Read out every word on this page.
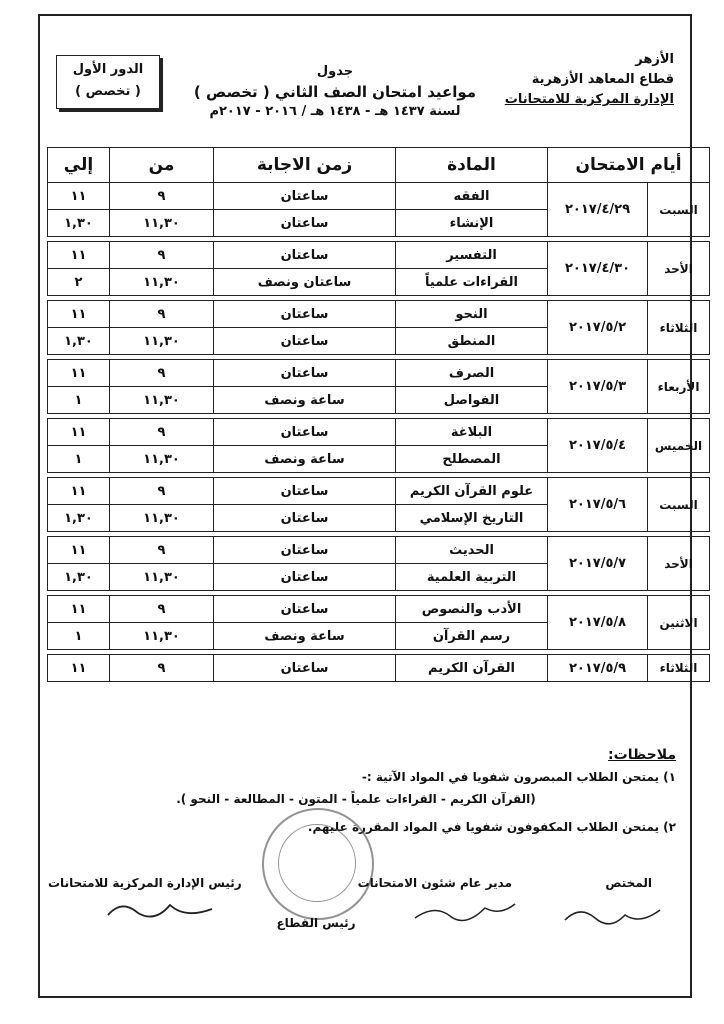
الأزهر
قطاع المعاهد الأزهرية
الإدارة المركزية للامتحانات
جدول
مواعيد امتحان الصف الثاني ( تخصص )
لسنة ١٤٣٧ هـ - ١٤٣٨ هـ / ٢٠١٦ - ٢٠١٧م
الدور الأول
( تخصص )
أيام الامتحان		المادة	زمن الاجابة	من	إلي
السبت	٢٠١٧/٤/٢٩	الفقه	ساعتان	٩	١١
		الإنشاء	ساعتان	١١,٣٠	١,٣٠

الأحد	٢٠١٧/٤/٣٠	التفسير	ساعتان	٩	١١
		القراءات علمياً	ساعتان ونصف	١١,٣٠	٢

الثلاثاء	٢٠١٧/٥/٢	النحو	ساعتان	٩	١١
		المنطق	ساعتان	١١,٣٠	١,٣٠

الأربعاء	٢٠١٧/٥/٣	الصرف	ساعتان	٩	١١
		الفواصل	ساعة ونصف	١١,٣٠	١

الخميس	٢٠١٧/٥/٤	البلاغة	ساعتان	٩	١١
		المصطلح	ساعة ونصف	١١,٣٠	١

السبت	٢٠١٧/٥/٦	علوم القرآن الكريم	ساعتان	٩	١١
		التاريخ الإسلامي	ساعتان	١١,٣٠	١,٣٠

الأحد	٢٠١٧/٥/٧	الحديث	ساعتان	٩	١١
		التربية العلمية	ساعتان	١١,٣٠	١,٣٠

الاثنين	٢٠١٧/٥/٨	الأدب والنصوص	ساعتان	٩	١١
		رسم القرآن	ساعة ونصف	١١,٣٠	١

الثلاثاء	٢٠١٧/٥/٩	القرآن الكريم	ساعتان	٩	١١
ملاحظات:
١) يمتحن الطلاب المبصرون شفويا في المواد الآتية :-
(القرآن الكريم - القراءات علمياً - المتون - المطالعة - النحو ).
٢) يمتحن الطلاب المكفوفون شفويا في المواد المقررة عليهم.
المختص
مدير عام شئون الامتحانات
رئيس الإدارة المركزية للامتحانات
رئيس القطاع
